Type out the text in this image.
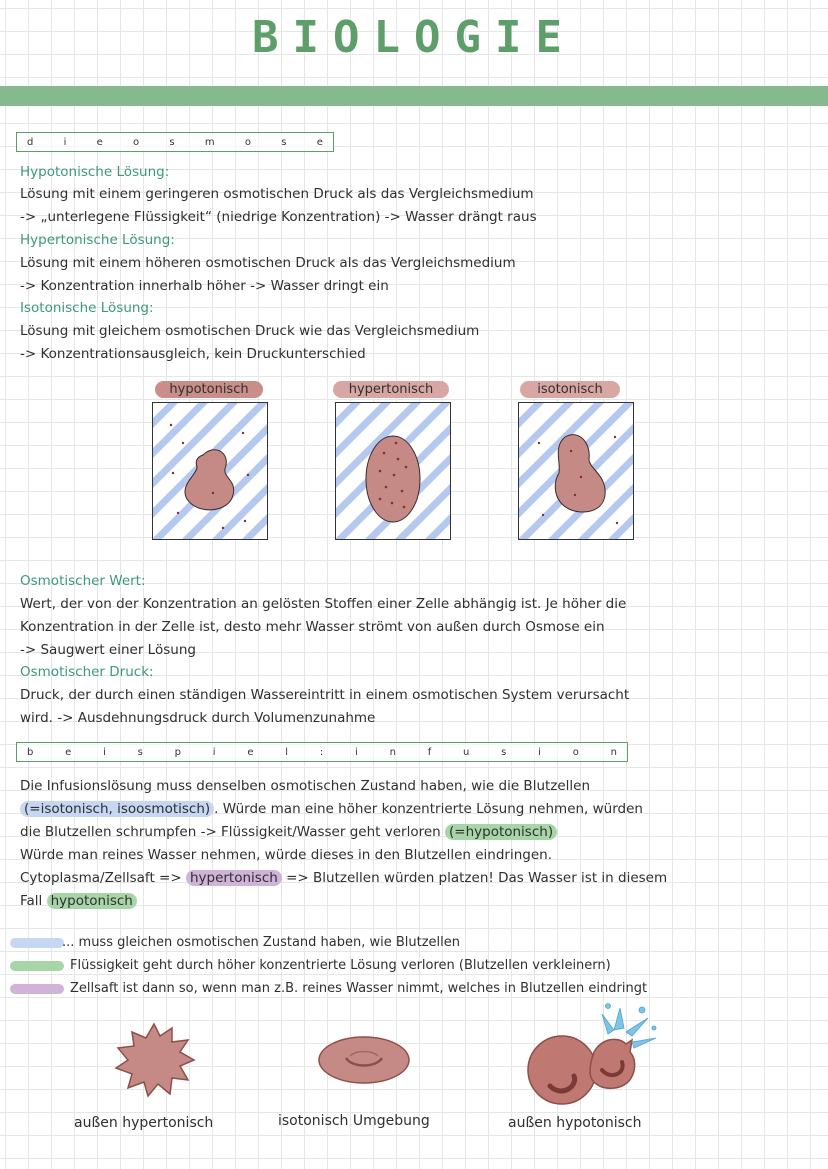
BIOLOGIE
d	i	e	o	s	m	o	s	e
Hypotonische Lösung:
Lösung mit einem geringeren osmotischen Druck als das Vergleichsmedium
-> „unterlegene Flüssigkeit“ (niedrige Konzentration) -> Wasser drängt raus
Hypertonische Lösung:
Lösung mit einem höheren osmotischen Druck als das Vergleichsmedium
-> Konzentration innerhalb höher -> Wasser dringt ein
Isotonische Lösung:
Lösung mit gleichem osmotischen Druck wie das Vergleichsmedium
-> Konzentrationsausgleich, kein Druckunterschied
hypotonisch	hypertonisch	isotonisch
Osmotischer Wert:
Wert, der von der Konzentration an gelösten Stoffen einer Zelle abhängig ist. Je höher die
Konzentration in der Zelle ist, desto mehr Wasser strömt von außen durch Osmose ein
-> Saugwert einer Lösung
Osmotischer Druck:
Druck, der durch einen ständigen Wassereintritt in einem osmotischen System verursacht
wird. -> Ausdehnungsdruck durch Volumenzunahme
b	e	i	s	p	i	e	l	:	i	n	f	u	s	i	o	n
Die Infusionslösung muss denselben osmotischen Zustand haben, wie die Blutzellen
(=isotonisch, isoosmotisch) . Würde man eine höher konzentrierte Lösung nehmen, würden
die Blutzellen schrumpfen -> Flüssigkeit/Wasser geht verloren (=hypotonisch)
Würde man reines Wasser nehmen, würde dieses in den Blutzellen eindringen.
Cytoplasma/Zellsaft => hypertonisch => Blutzellen würden platzen! Das Wasser ist in diesem
Fall hypotonisch
... muss gleichen osmotischen Zustand haben, wie Blutzellen
Flüssigkeit geht durch höher konzentrierte Lösung verloren (Blutzellen verkleinern)
Zellsaft ist dann so, wenn man z.B. reines Wasser nimmt, welches in Blutzellen eindringt
außen hypertonisch	isotonisch Umgebung	außen hypotonisch
